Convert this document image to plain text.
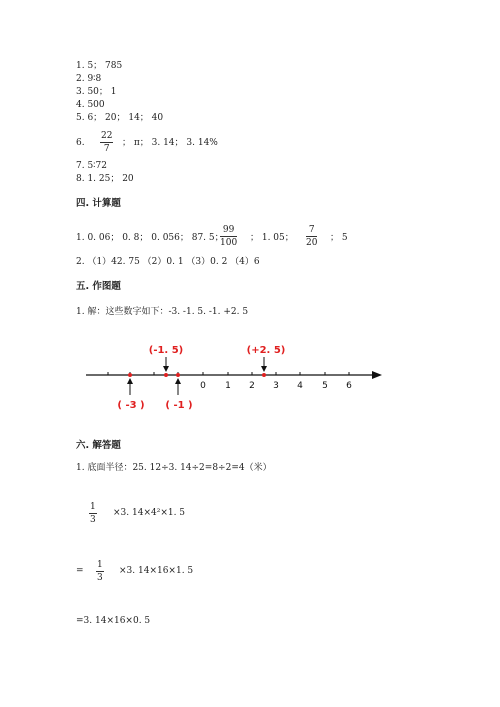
1. 5； 785
2. 9∶8
3. 50； 1
4. 500
5. 6； 20； 14； 40
6.
22
7
； π； 3. 14； 3. 14%
7. 5∶72
8. 1. 25； 20
四. 计算题
1. 0. 06； 0. 8； 0. 056； 87. 5；
99
100 ； 1. 05；
7
20 ； 5
2. （1）42. 75 （2）0. 1 （3）0. 2 （4）6
五. 作图题
1. 解：这些数字如下：-3. -1. 5. -1. +2. 5
0 1 2 3 4 5 6
(-1. 5)	(+2. 5)
( -3 ) ( -1 )
六. 解答题
1. 底面半径：25. 12÷3. 14÷2=8÷2=4（米）
1
3
×3. 14×4²×1. 5
=
1
3
×3. 14×16×1. 5
=3. 14×16×0. 5
